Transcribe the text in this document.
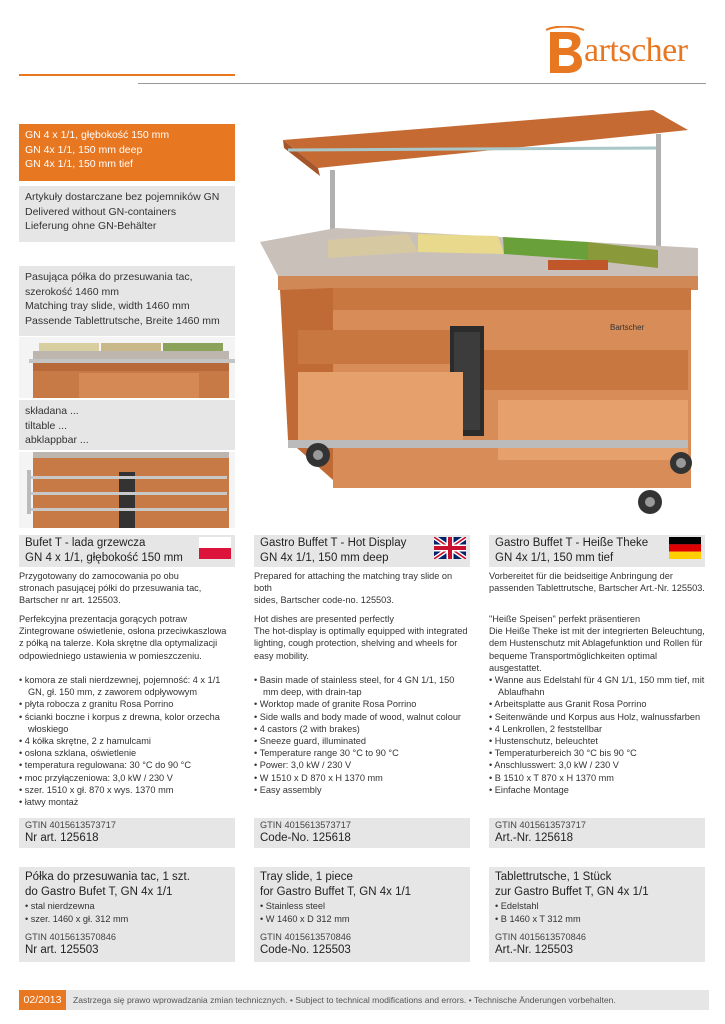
artscher
GN 4 x 1/1, głębokość 150 mm
GN 4x 1/1, 150 mm deep
GN 4x 1/1, 150 mm tief
Artykuły dostarczane bez pojemników GN
Delivered without GN-containers
Lieferung ohne GN-Behälter
Pasująca półka do przesuwania tac,
szerokość 1460 mm
Matching tray slide, width 1460 mm
Passende Tablettrutsche, Breite 1460 mm
składana ...
tiltable ...
abklappbar ...
Bartscher
Bufet T - lada grzewcza
GN 4 x 1/1, głębokość 150 mm
Przygotowany do zamocowania po obu
stronach pasującej półki do przesuwania tac,
Bartscher nr art. 125503.
Perfekcyjna prezentacja gorących potraw
Zintegrowane oświetlenie, osłona przeciwkaszlowa
z półką na talerze. Koła skrętne dla optymalizacji
odpowiedniego ustawienia w pomieszczeniu.
• komora ze stali nierdzewnej, pojemność: 4 x 1/1 GN, gł. 150 mm, z zaworem odpływowym
• płyta robocza z granitu Rosa Porrino
• ścianki boczne i korpus z drewna, kolor orzecha włoskiego
• 4 kółka skrętne, 2 z hamulcami
• osłona szklana, oświetlenie
• temperatura regulowana: 30 °C do 90 °C
• moc przyłączeniowa: 3,0 kW / 230 V
• szer. 1510 x gł. 870 x wys. 1370 mm
• łatwy montaż
GTIN 4015613573717
Nr art. 125618
Półka do przesuwania tac, 1 szt.
do Gastro Bufet T, GN 4x 1/1
• stal nierdzewna
• szer. 1460 x gł. 312 mm
GTIN 4015613570846
Nr art. 125503
Gastro Buffet T - Hot Display
GN 4x 1/1, 150 mm deep
Prepared for attaching the matching tray slide on both
sides, Bartscher code-no. 125503.
Hot dishes are presented perfectly
The hot-display is optimally equipped with integrated
lighting, cough protection, shelving and wheels for
easy mobility.
• Basin made of stainless steel, for 4 GN 1/1, 150 mm deep, with drain-tap
• Worktop made of granite Rosa Porrino
• Side walls and body made of wood, walnut colour
• 4 castors (2 with brakes)
• Sneeze guard, illuminated
• Temperature range 30 °C to 90 °C
• Power: 3,0 kW / 230 V
• W 1510 x D 870 x H 1370 mm
• Easy assembly
GTIN 4015613573717
Code-No. 125618
Tray slide, 1 piece
for Gastro Buffet T, GN 4x 1/1
• Stainless steel
• W 1460 x D 312 mm
GTIN 4015613570846
Code-No. 125503
Gastro Buffet T - Heiße Theke
GN 4x 1/1, 150 mm tief
Vorbereitet für die beidseitige Anbringung der
passenden Tablettrutsche, Bartscher Art.-Nr. 125503.
"Heiße Speisen" perfekt präsentieren
Die Heiße Theke ist mit der integrierten Beleuchtung,
dem Hustenschutz mit Ablagefunktion und Rollen für
bequeme Transportmöglichkeiten optimal ausgestattet.
• Wanne aus Edelstahl für 4 GN 1/1, 150 mm tief, mit Ablaufhahn
• Arbeitsplatte aus Granit Rosa Porrino
• Seitenwände und Korpus aus Holz, walnussfarben
• 4 Lenkrollen, 2 feststellbar
• Hustenschutz, beleuchtet
• Temperaturbereich 30 °C bis 90 °C
• Anschlusswert: 3,0 kW / 230 V
• B 1510 x T 870 x H 1370 mm
• Einfache Montage
GTIN 4015613573717
Art.-Nr. 125618
Tablettrutsche, 1 Stück
zur Gastro Buffet T, GN 4x 1/1
• Edelstahl
• B 1460 x T 312 mm
GTIN 4015613570846
Art.-Nr. 125503
02/2013	Zastrzega się prawo wprowadzania zmian technicznych. • Subject to technical modifications and errors. • Technische Änderungen vorbehalten.
